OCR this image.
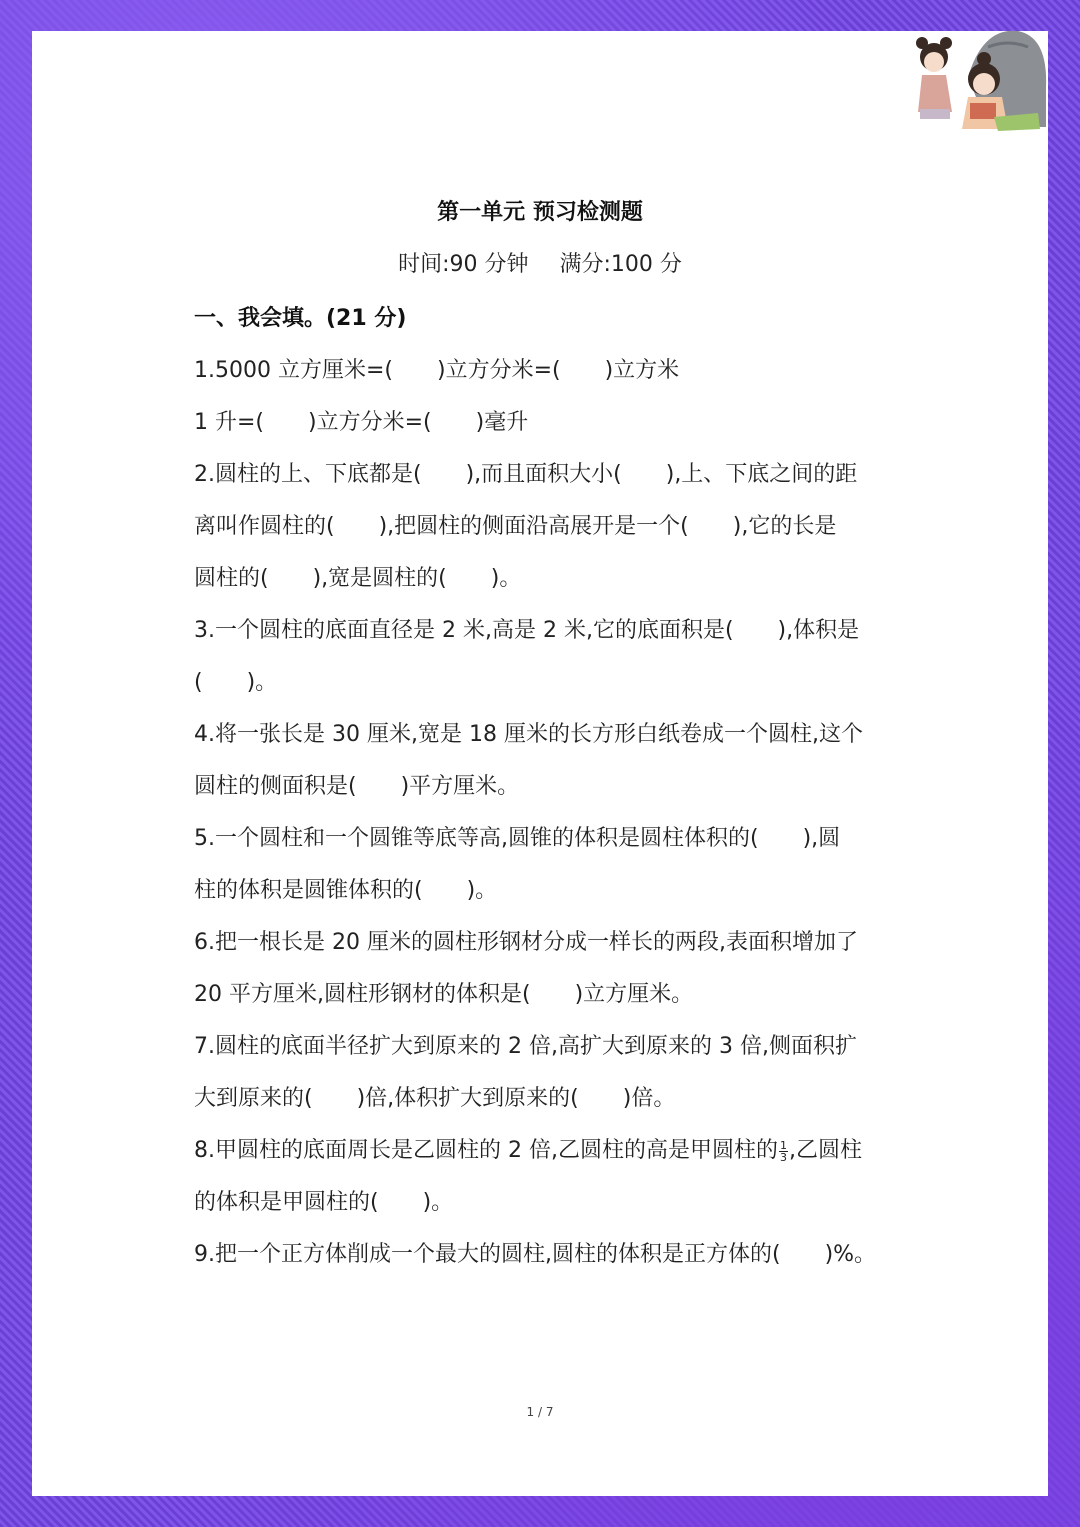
第一单元 预习检测题
时间:90 分钟 满分:100 分
一、我会填。(21 分)
1.5000 立方厘米=(　　)立方分米=(　　)立方米
1 升=(　　)立方分米=(　　)毫升
2.圆柱的上、下底都是(　　),而且面积大小(　　),上、下底之间的距
离叫作圆柱的(　　),把圆柱的侧面沿高展开是一个(　　),它的长是
圆柱的(　　),宽是圆柱的(　　)。
3.一个圆柱的底面直径是 2 米,高是 2 米,它的底面积是(　　),体积是
(　　)。
4.将一张长是 30 厘米,宽是 18 厘米的长方形白纸卷成一个圆柱,这个
圆柱的侧面积是(　　)平方厘米。
5.一个圆柱和一个圆锥等底等高,圆锥的体积是圆柱体积的(　　),圆
柱的体积是圆锥体积的(　　)。
6.把一根长是 20 厘米的圆柱形钢材分成一样长的两段,表面积增加了
20 平方厘米,圆柱形钢材的体积是(　　)立方厘米。
7.圆柱的底面半径扩大到原来的 2 倍,高扩大到原来的 3 倍,侧面积扩
大到原来的(　　)倍,体积扩大到原来的(　　)倍。
8.甲圆柱的底面周长是乙圆柱的 2 倍,乙圆柱的高是甲圆柱的 $\frac{1}{3}$ ,乙圆柱
的体积是甲圆柱的(　　)。
9.把一个正方体削成一个最大的圆柱,圆柱的体积是正方体的(　　)%。
1 / 7
